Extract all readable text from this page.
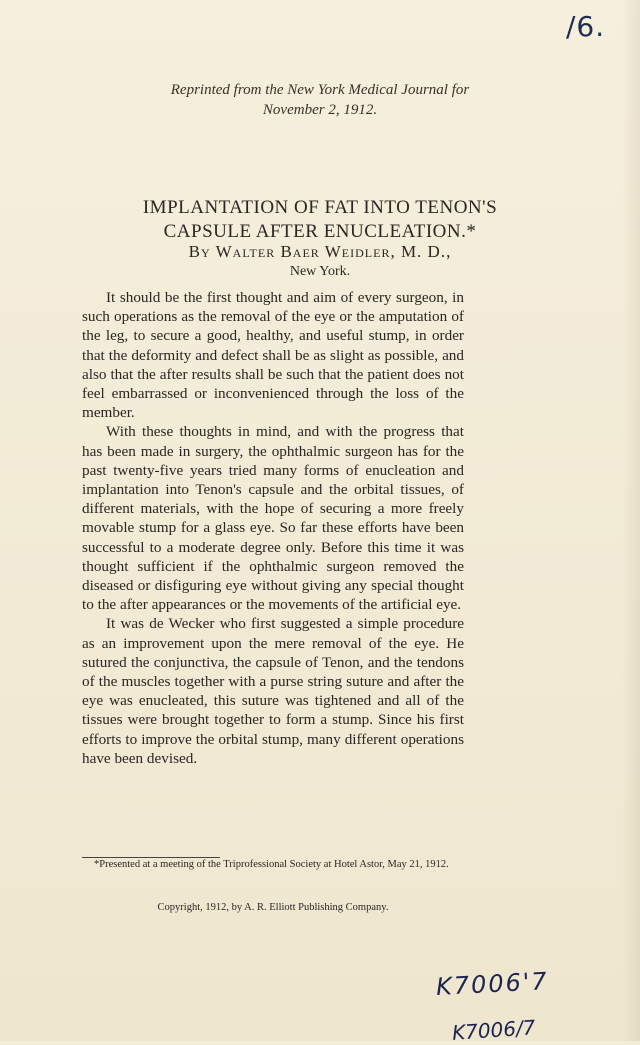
/6.
Reprinted from the New York Medical Journal for
November 2, 1912.
IMPLANTATION OF FAT INTO TENON'S
CAPSULE AFTER ENUCLEATION.*
By Walter Baer Weidler, M. D.,
New York.

It should be the first thought and aim of every surgeon, in such operations as the removal of the eye or the amputation of the leg, to secure a good, healthy, and useful stump, in order that the deformity and defect shall be as slight as possible, and also that the after results shall be such that the patient does not feel embarrassed or inconvenienced through the loss of the member.

With these thoughts in mind, and with the progress that has been made in surgery, the ophthalmic surgeon has for the past twenty-five years tried many forms of enucleation and implantation into Tenon's capsule and the orbital tissues, of different materials, with the hope of securing a more freely movable stump for a glass eye. So far these efforts have been successful to a moderate degree only. Before this time it was thought sufficient if the ophthalmic surgeon removed the diseased or disfiguring eye without giving any special thought to the after appearances or the movements of the artificial eye.

It was de Wecker who first suggested a simple procedure as an improvement upon the mere removal of the eye. He sutured the conjunctiva, the capsule of Tenon, and the tendons of the muscles together with a purse string suture and after the eye was enucleated, this suture was tightened and all of the tissues were brought together to form a stump. Since his first efforts to improve the orbital stump, many different operations have been devised.

*Presented at a meeting of the Triprofessional Society at Hotel Astor, May 21, 1912.
Copyright, 1912, by A. R. Elliott Publishing Company.
K7006'7
K7006/7
